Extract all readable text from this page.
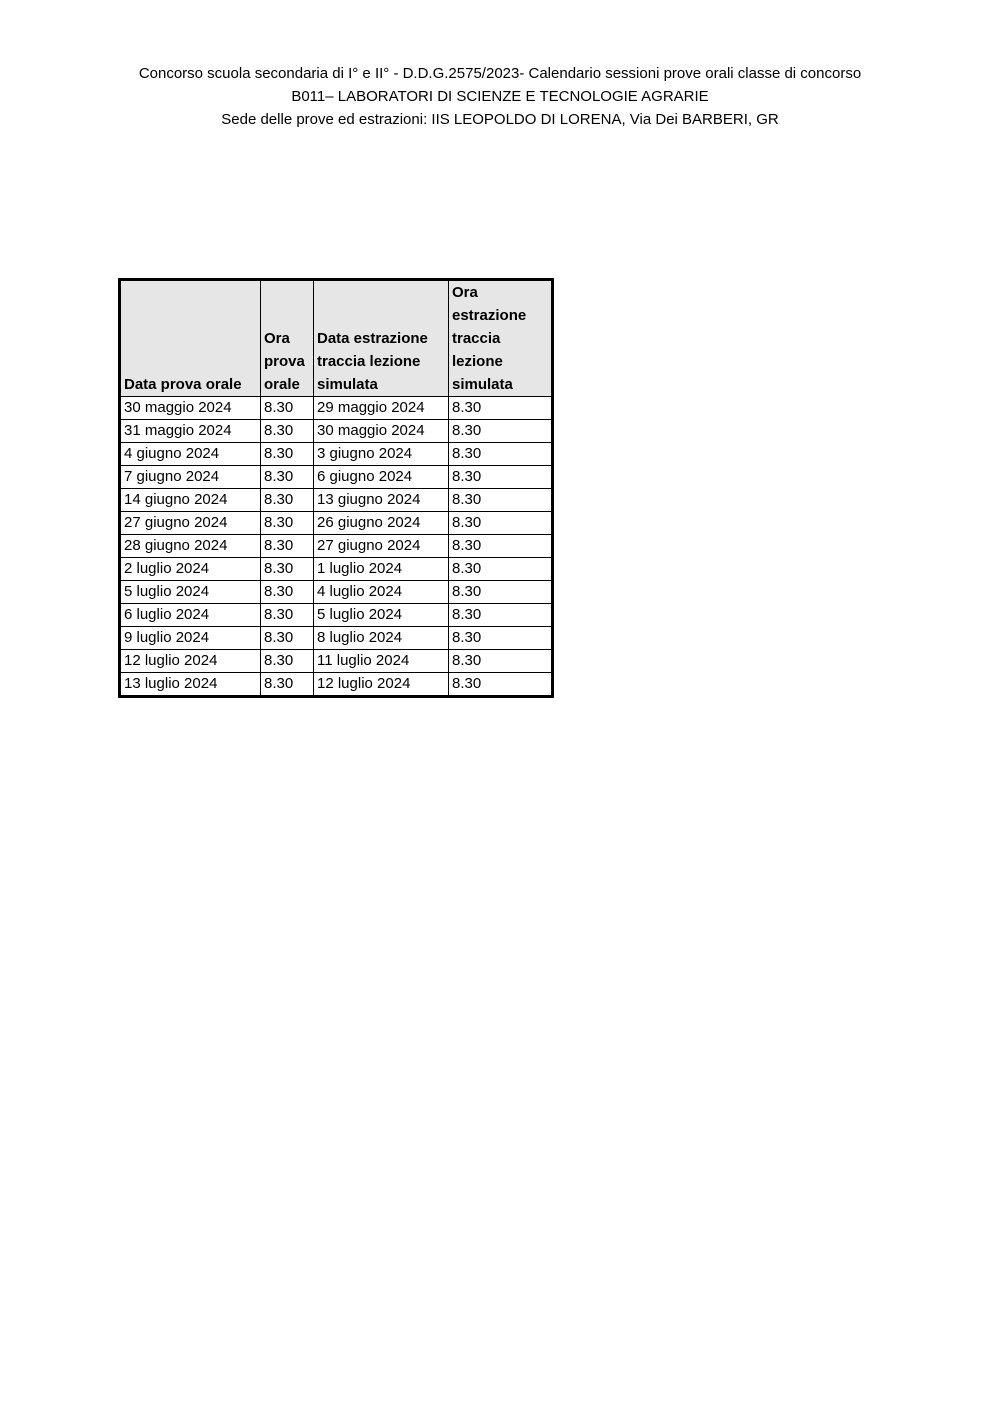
Concorso scuola secondaria di I° e II° - D.D.G.2575/2023- Calendario sessioni prove orali classe di concorso
B011– LABORATORI DI SCIENZE E TECNOLOGIE AGRARIE
Sede delle prove ed estrazioni: IIS LEOPOLDO DI LORENA, Via Dei BARBERI, GR
Data prova orale	Ora
prova
orale	Data estrazione
traccia lezione
simulata	Ora
estrazione
traccia
lezione
simulata

30 maggio 2024	8.30	29 maggio 2024	8.30
31 maggio 2024	8.30	30 maggio 2024	8.30
4 giugno 2024	8.30	3 giugno 2024	8.30
7 giugno 2024	8.30	6 giugno 2024	8.30
14 giugno 2024	8.30	13 giugno 2024	8.30
27 giugno 2024	8.30	26 giugno 2024	8.30
28 giugno 2024	8.30	27 giugno 2024	8.30
2 luglio 2024	8.30	1 luglio 2024	8.30
5 luglio 2024	8.30	4 luglio 2024	8.30
6 luglio 2024	8.30	5 luglio 2024	8.30
9 luglio 2024	8.30	8 luglio 2024	8.30
12 luglio 2024	8.30	11 luglio 2024	8.30
13 luglio 2024	8.30	12 luglio 2024	8.30
